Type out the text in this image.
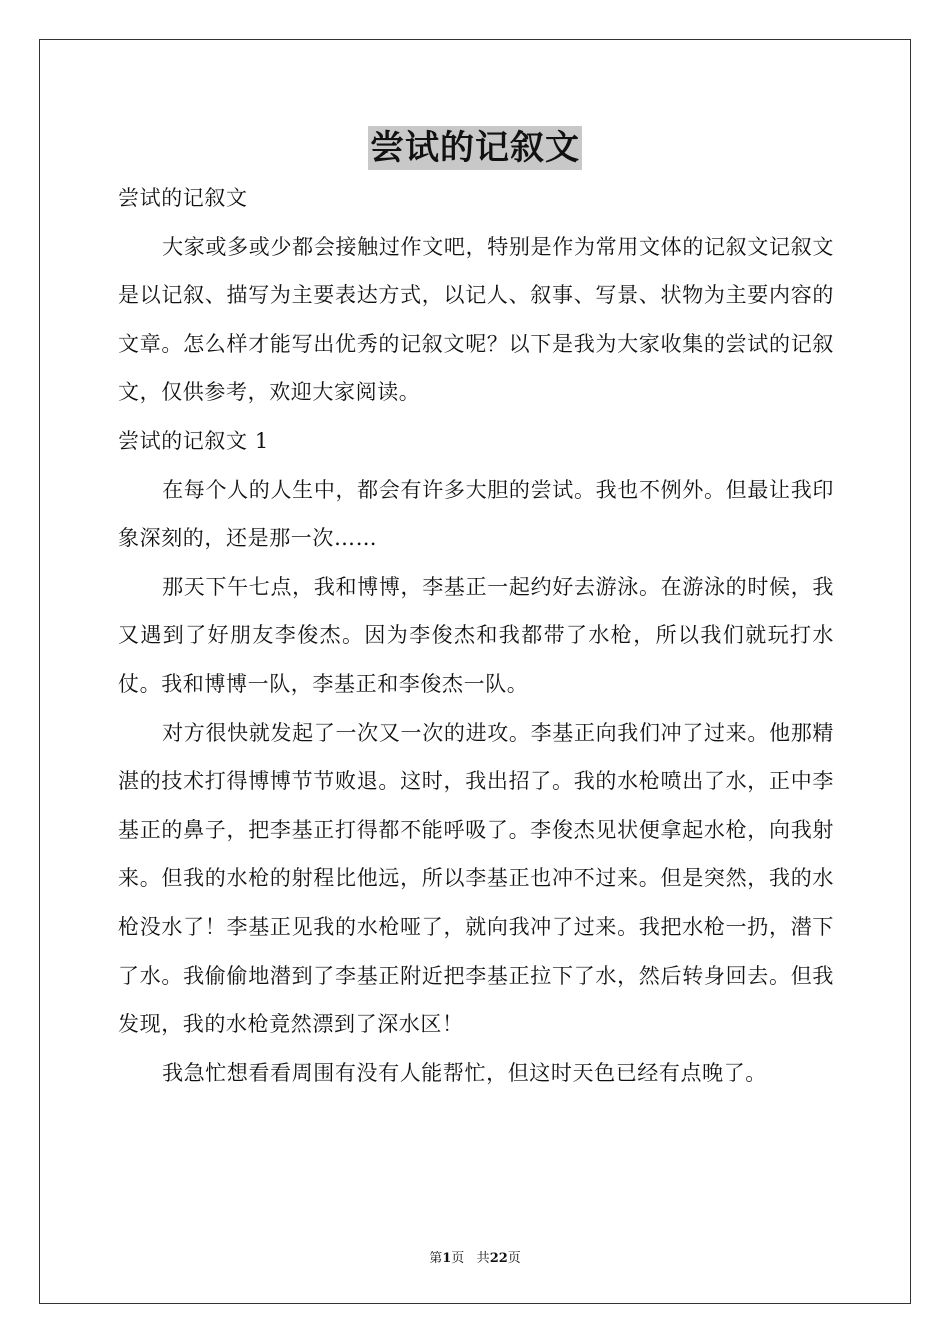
尝试的记叙文

尝试的记叙文

大家或多或少都会接触过作文吧，特别是作为常用文体的记叙文记叙文是以记叙、描写为主要表达方式，以记人、叙事、写景、状物为主要内容的文章。怎么样才能写出优秀的记叙文呢？以下是我为大家收集的尝试的记叙文，仅供参考，欢迎大家阅读。

尝试的记叙文 1

在每个人的人生中，都会有许多大胆的尝试。我也不例外。但最让我印象深刻的，还是那一次……

那天下午七点，我和博博，李基正一起约好去游泳。在游泳的时候，我又遇到了好朋友李俊杰。因为李俊杰和我都带了水枪，所以我们就玩打水仗。我和博博一队，李基正和李俊杰一队。

对方很快就发起了一次又一次的进攻。李基正向我们冲了过来。他那精湛的技术打得博博节节败退。这时，我出招了。我的水枪喷出了水，正中李基正的鼻子，把李基正打得都不能呼吸了。李俊杰见状便拿起水枪，向我射来。但我的水枪的射程比他远，所以李基正也冲不过来。但是突然，我的水枪没水了！李基正见我的水枪哑了，就向我冲了过来。我把水枪一扔，潜下了水。我偷偷地潜到了李基正附近把李基正拉下了水，然后转身回去。但我发现，我的水枪竟然漂到了深水区！

我急忙想看看周围有没有人能帮忙，但这时天色已经有点晚了。

第1页 共22页
